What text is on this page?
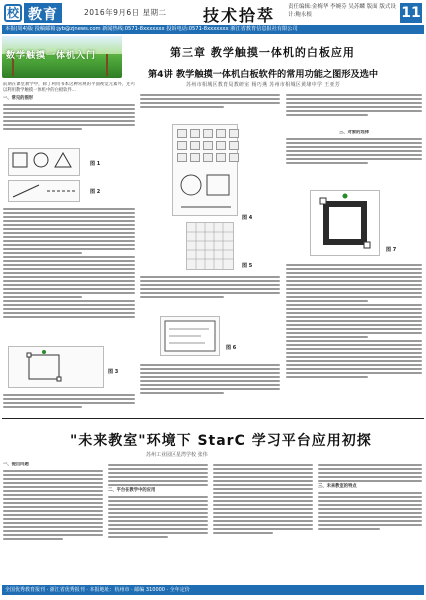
校 教育	2016年9月6日 星期二 技术拾萃 责任编辑:金梅华 李婉芬 吴苏麟 版面 版式设计:鲍永根	11
本报(周4)版 投稿邮箱:jyb@zjnews.com 新闻热线:0571-8xxxxxxx 投诉电话:0571-8xxxxxxx 浙江省教育信息报社有限公司
数学触摸一体机入门	第三章 教学触摸一体机的白板应用
第4讲 教学触摸一体机白板软件的常用功能之图形及选中
苏州市相城区教育局教研室 杨巧燕 苏州市相城区黄埭中学 王亚芳
前期在课堂教学中，除了利用书本这种常规的平面视觉元素外，还可以利用教学触摸一体机中的白板软件...
一、常见的图形
图 1
图 2
图 3
图 4
图 5
图 6
三、对象的选择
图 7
"未来教室"环境下 StarC 学习平台应用初探
苏州工业园区星湾学校 张伟
一、提出问题
二、平台在教学中的应用
三、未来教室的特点
全国优秀教育报刊 · 浙江省优秀报刊 · 本报地址：杭州市 · 邮编 310000 · 全年定价
